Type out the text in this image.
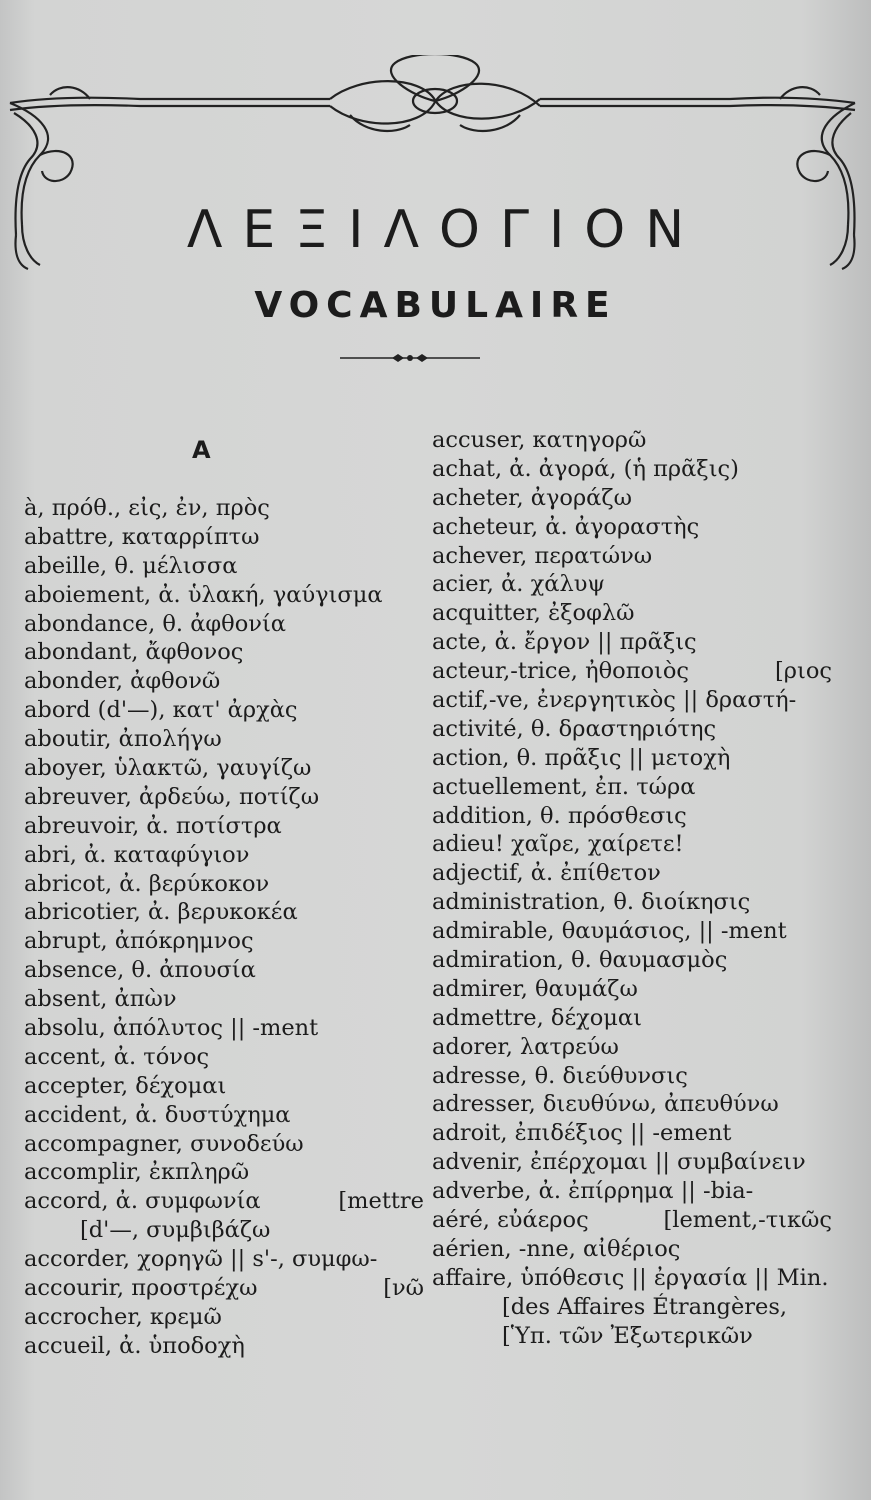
ΛΕΞΙΛΟΓΙΟΝ
VOCABULAIRE
A
à, πρόθ., εἰς, ἐν, πρὸς
abattre, καταρρίπτω
abeille, θ. μέλισσα
aboiement, ἀ. ὑλακή, γαύγισμα
abondance, θ. ἀφθονία
abondant, ἄφθονος
abonder, ἀφθονῶ
abord (d'—), κατ' ἀρχὰς
aboutir, ἀπολήγω
aboyer, ὑλακτῶ, γαυγίζω
abreuver, ἀρδεύω, ποτίζω
abreuvoir, ἀ. ποτίστρα
abri, ἀ. καταφύγιον
abricot, ἀ. βερύκοκον
abricotier, ἀ. βερυκοκέα
abrupt, ἀπόκρημνος
absence, θ. ἀπουσία
absent, ἀπὼν
absolu, ἀπόλυτος || -ment
accent, ἀ. τόνος
accepter, δέχομαι
accident, ἀ. δυστύχημα
accompagner, συνοδεύω
accomplir, ἐκπληρῶ
accord, ἀ. συμφωνία	[mettre
[d'—, συμβιβάζω
accorder, χορηγῶ || s'-, συμφω-
accourir, προστρέχω	[νῶ
accrocher, κρεμῶ
accueil, ἀ. ὑποδοχὴ
accuser, κατηγορῶ
achat, ἀ. ἀγορά, (ἡ πρᾶξις)
acheter, ἀγοράζω
acheteur, ἀ. ἀγοραστὴς
achever, περατώνω
acier, ἀ. χάλυψ
acquitter, ἐξοφλῶ
acte, ἀ. ἔργον || πρᾶξις
acteur,-trice, ἠθοποιὸς	[ριος
actif,-ve, ἐνεργητικὸς || δραστή-
activité, θ. δραστηριότης
action, θ. πρᾶξις || μετοχὴ
actuellement, ἐπ. τώρα
addition, θ. πρόσθεσις
adieu! χαῖρε, χαίρετε!
adjectif, ἀ. ἐπίθετον
administration, θ. διοίκησις
admirable, θαυμάσιος, || -ment
admiration, θ. θαυμασμὸς
admirer, θαυμάζω
admettre, δέχομαι
adorer, λατρεύω
adresse, θ. διεύθυνσις
adresser, διευθύνω, ἀπευθύνω
adroit, ἐπιδέξιος || -ement
advenir, ἐπέρχομαι || συμβαίνειν
adverbe, ἀ. ἐπίρρημα || -bia-
aéré, εὐάερος	[lement,-τικῶς
aérien, -nne, αἰθέριος
affaire, ὑπόθεσις || ἐργασία || Min.
[des Affaires Étrangères,
[Ὑπ. τῶν Ἐξωτερικῶν
